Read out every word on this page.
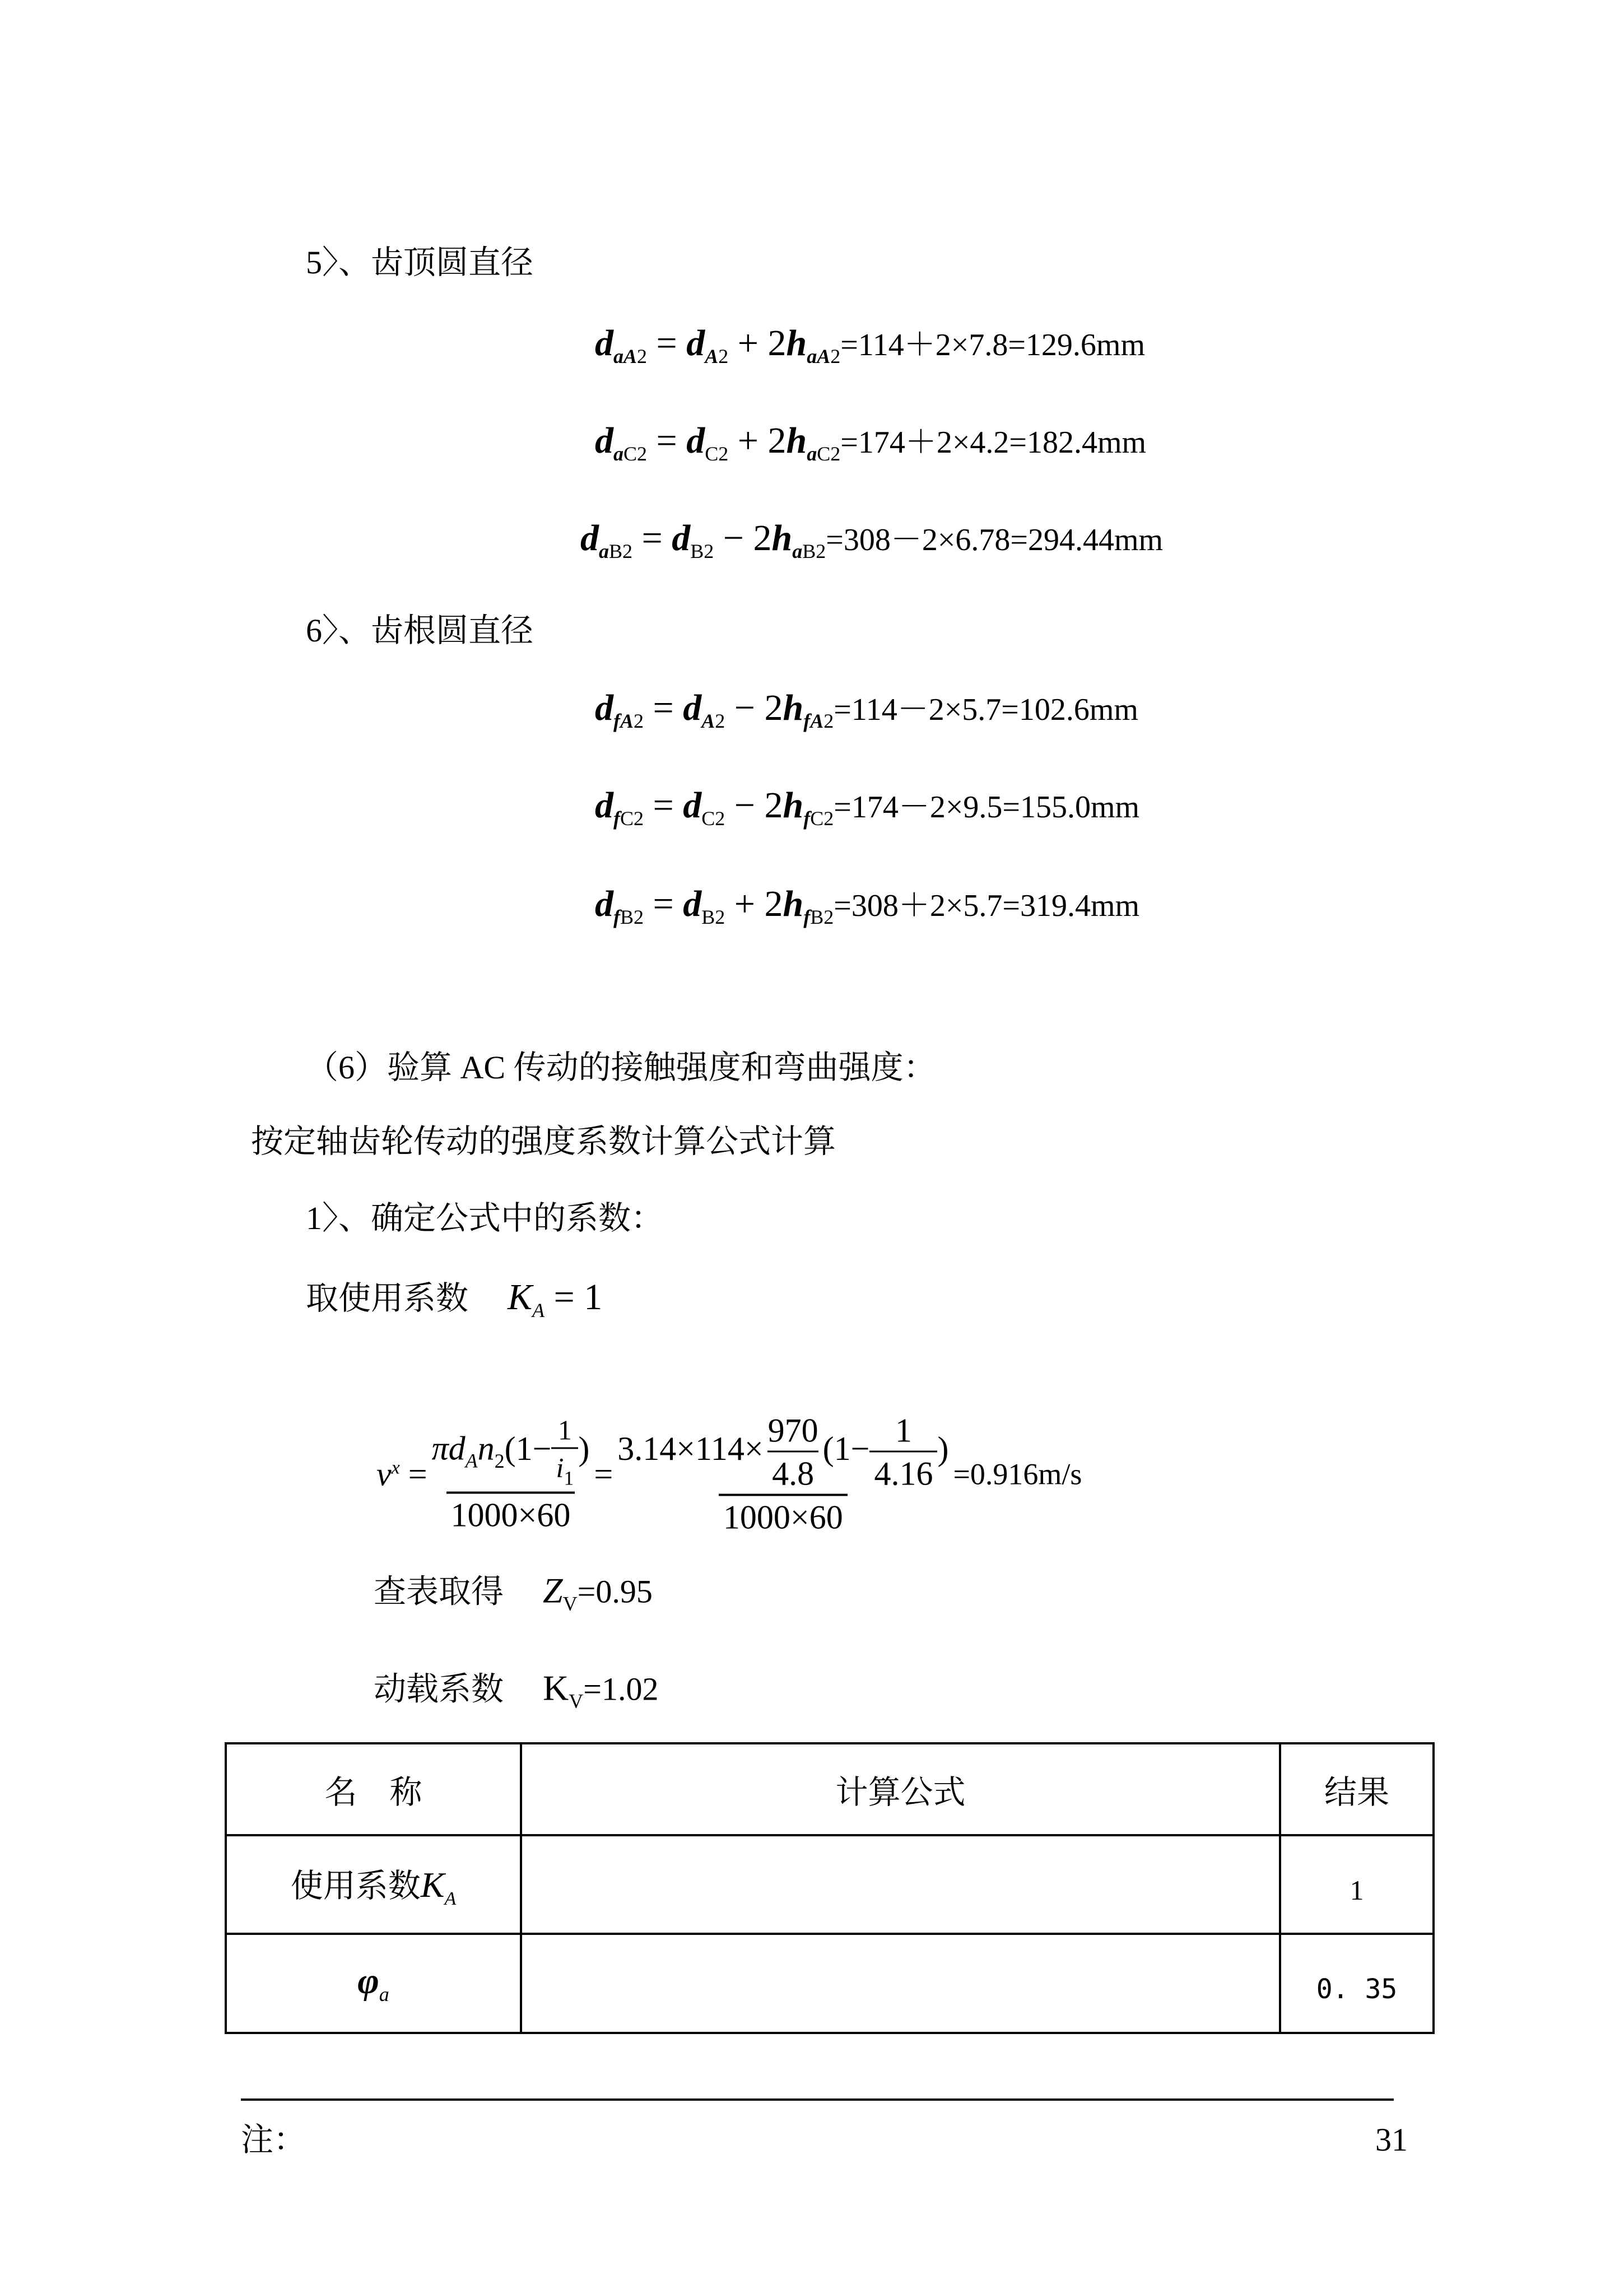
5〉、齿顶圆直径
$d_{aA2} = d_{A2} + 2h_{aA2}=114+2\times 7.8=129.6mm$
$d_{aC2} = d_{C2} + 2h_{aC2}=174+2\times 4.2=182.4mm$
$d_{aB2} = d_{B2} - 2h_{aB2}=308-2\times 6.78=294.44mm$
6〉、齿根圆直径
$d_{fA2} = d_{A2} - 2h_{fA2}=114-2\times 5.7=102.6mm$
$d_{fC2} = d_{C2} - 2h_{fC2}=174-2\times 9.5=155.0mm$
$d_{fB2} = d_{B2} + 2h_{fB2}=308+2\times 5.7=319.4mm$
（6）验算 AC 传动的接触强度和弯曲强度：
按定轴齿轮传动的强度系数计算公式计算
1〉、确定公式中的系数：
取使用系数 $K_A = 1$
$v^x = \frac{\pi d_An_2(1- \frac{1}{i_1} )}{1000\times 60} = \frac{3.14\times 114\times \frac{970}{4.8} (1- \frac{1}{4.16} )}{1000\times 60} =0.916m/s$
查表取得 $Z_V=0.95$
动载系数 $K_V=1.02$
名　称	计算公式	结果
使用系数$K_A$		1
$\varphi_a$		0. 35
注：	31
